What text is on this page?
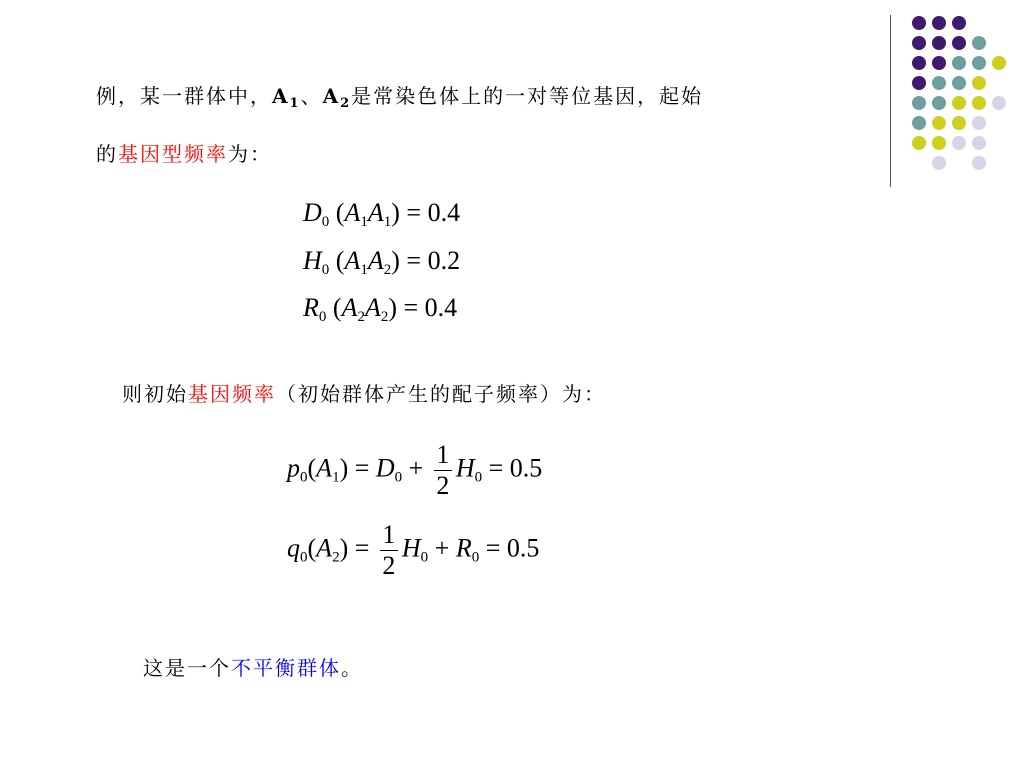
例，某一群体中，$A_1$、$A_2$是常染色体上的一对等位基因，起始
的基因型频率为：
$D_0$ $(A_1A_1) = 0.4$
$H_0$ $(A_1A_2) = 0.2$
$R_0$ $(A_2A_2) = 0.4$
则初始基因频率（初始群体产生的配子频率）为：
$p_0(A_1) = D_0 + \frac{1}{2} H_0 = 0.5$
$q_0(A_2) = \frac{1}{2} H_0 + R_0 = 0.5$
这是一个不平衡群体。
